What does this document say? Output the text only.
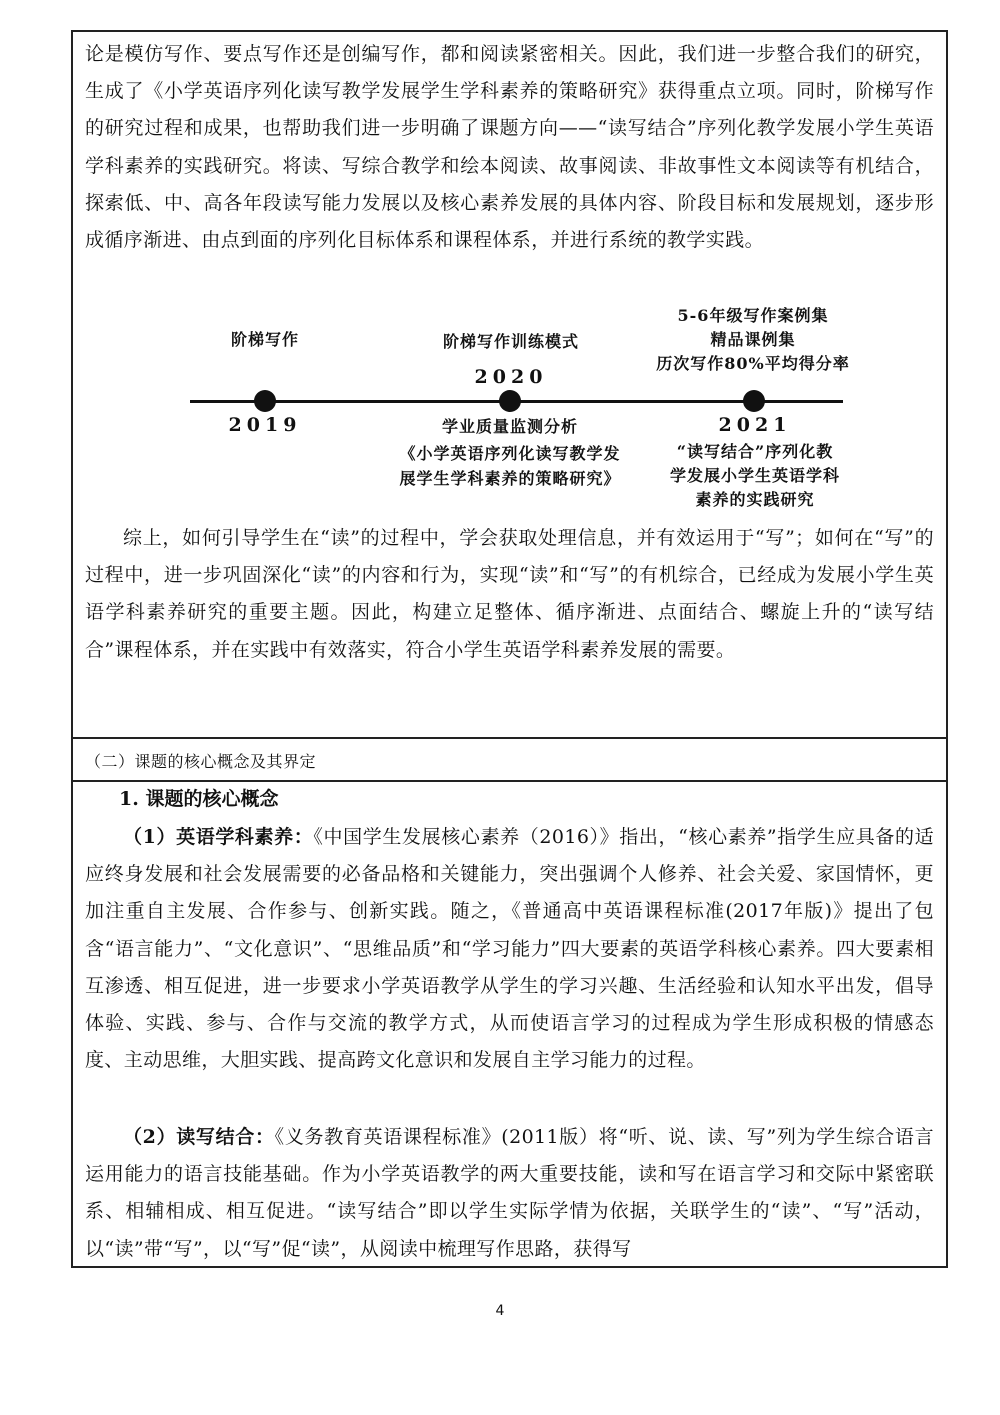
论是模仿写作、要点写作还是创编写作，都和阅读紧密相关。因此，我们进一步整合我们的研究，生成了《小学英语序列化读写教学发展学生学科素养的策略研究》获得重点立项。同时，阶梯写作的研究过程和成果，也帮助我们进一步明确了课题方向——“读写结合”序列化教学发展小学生英语学科素养的实践研究。将读、写综合教学和绘本阅读、故事阅读、非故事性文本阅读等有机结合，探索低、中、高各年段读写能力发展以及核心素养发展的具体内容、阶段目标和发展规划，逐步形成循序渐进、由点到面的序列化目标体系和课程体系，并进行系统的教学实践。

阶梯写作	阶梯写作训练模式
2020
5-6年级写作案例集
精品课例集
历次写作80%平均得分率
2019	学业质量监测分析
《小学英语序列化读写教学发
展学生学科素养的策略研究》
2021
“读写结合”序列化教
学发展小学生英语学科
素养的实践研究

综上，如何引导学生在“读”的过程中，学会获取处理信息，并有效运用于“写”；如何在“写”的过程中，进一步巩固深化“读”的内容和行为，实现“读”和“写”的有机综合，已经成为发展小学生英语学科素养研究的重要主题。因此，构建立足整体、循序渐进、点面结合、螺旋上升的“读写结合”课程体系，并在实践中有效落实，符合小学生英语学科素养发展的需要。

（二）课题的核心概念及其界定
1. 课题的核心概念

（1）英语学科素养：《中国学生发展核心素养（2016）》指出，“核心素养”指学生应具备的适应终身发展和社会发展需要的必备品格和关键能力，突出强调个人修养、社会关爱、家国情怀，更加注重自主发展、合作参与、创新实践。随之，《普通高中英语课程标准(2017年版)》提出了包含“语言能力”、“文化意识”、“思维品质”和“学习能力”四大要素的英语学科核心素养。四大要素相互渗透、相互促进，进一步要求小学英语教学从学生的学习兴趣、生活经验和认知水平出发，倡导体验、实践、参与、合作与交流的教学方式，从而使语言学习的过程成为学生形成积极的情感态度、主动思维，大胆实践、提高跨文化意识和发展自主学习能力的过程。

（2）读写结合：《义务教育英语课程标准》(2011版）将“听、说、读、写”列为学生综合语言运用能力的语言技能基础。作为小学英语教学的两大重要技能，读和写在语言学习和交际中紧密联系、相辅相成、相互促进。“读写结合”即以学生实际学情为依据，关联学生的“读”、“写”活动，以“读”带“写”，以“写”促“读”，从阅读中梳理写作思路，获得写

4
